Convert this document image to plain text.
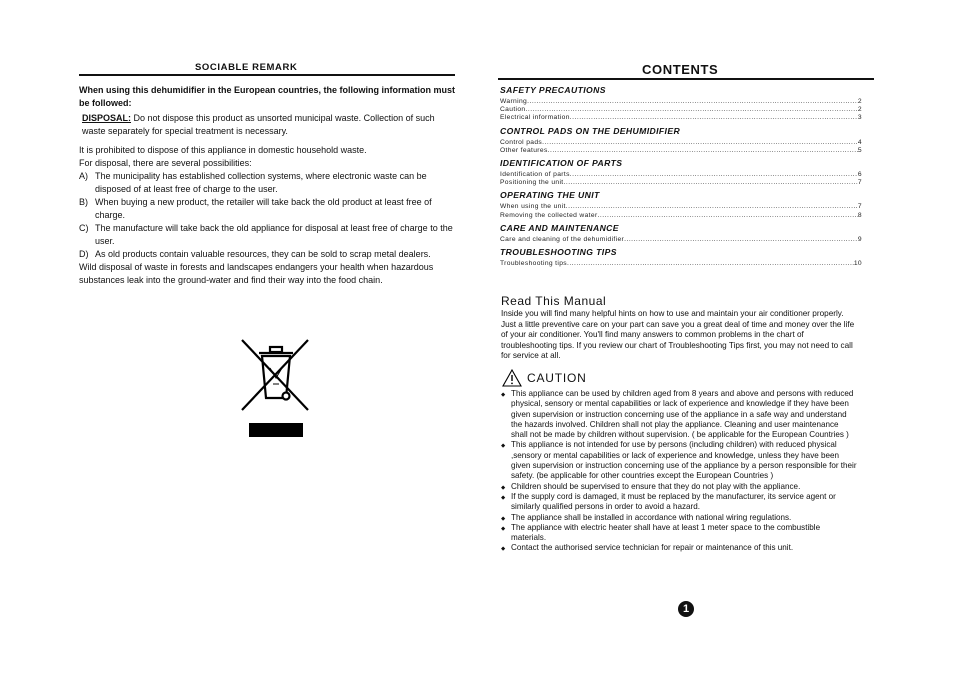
SOCIABLE REMARK
When using this dehumidifier in the European countries, the following information must be followed:
DISPOSAL: Do not dispose this product as unsorted municipal waste. Collection of such waste separately for special treatment is necessary.

It is prohibited to dispose of this appliance in domestic household waste.

For disposal, there are several possibilities:

A) The municipality has established collection systems, where electronic waste can be disposed of at least free of charge to the user.

B) When buying a new product, the retailer will take back the old product at least free of charge.

C) The manufacture will take back the old appliance for disposal at least free of charge to the user.

D) As old products contain valuable resources, they can be sold to scrap metal dealers.

Wild disposal of waste in forests and landscapes endangers your health when hazardous substances leak into the ground-water and find their way into the food chain.

CONTENTS
SAFETY PRECAUTIONS
Warning .....	2
Caution .....	2
Electrical information .....	3
CONTROL PADS ON THE DEHUMIDIFIER
Control pads .....	4
Other features .....	5
IDENTIFICATION OF PARTS
Identification of parts .....	6
Positioning the unit .....	7
OPERATING THE UNIT
When using the unit .....	7
Removing the collected water .....	8
CARE AND MAINTENANCE
Care and cleaning of the dehumidifier .....	9
TROUBLESHOOTING TIPS
Troubleshooting tips .....	10
Read This Manual
Inside you will find many helpful hints on how to use and maintain your air conditioner properly. Just a little preventive care on your part can save you a great deal of time and money over the life of your air conditioner. You'll find many answers to common problems in the chart of troubleshooting tips. If you review our chart of Troubleshooting Tips first, you may not need to call for service at all.
CAUTION
◆ This appliance can be used by children aged from 8 years and above and persons with reduced physical, sensory or mental capabilities or lack of experience and knowledge if they have been given supervision or instruction concerning use of the appliance in a safe way and understand the hazards involved. Children shall not play the appliance. Cleaning and user maintenance shall not be made by children without supervision. ( be applicable for the European Countries )
◆ This appliance is not intended for use by persons (including children) with reduced physical ,sensory or mental capabilities or lack of experience and knowledge, unless they have been given supervision or instruction concerning use of the appliance by a person responsible for their safety. (be applicable for other countries except the European Countries )
◆ Children should be supervised to ensure that they do not play with the appliance.
◆ If the supply cord is damaged, it must be replaced by the manufacturer, its service agent or similarly qualified persons in order to avoid a hazard.
◆ The appliance shall be installed in accordance with national wiring regulations.
◆ The appliance with electric heater shall have at least 1 meter space to the combustible materials.
◆ Contact the authorised service technician for repair or maintenance of this unit.
1
